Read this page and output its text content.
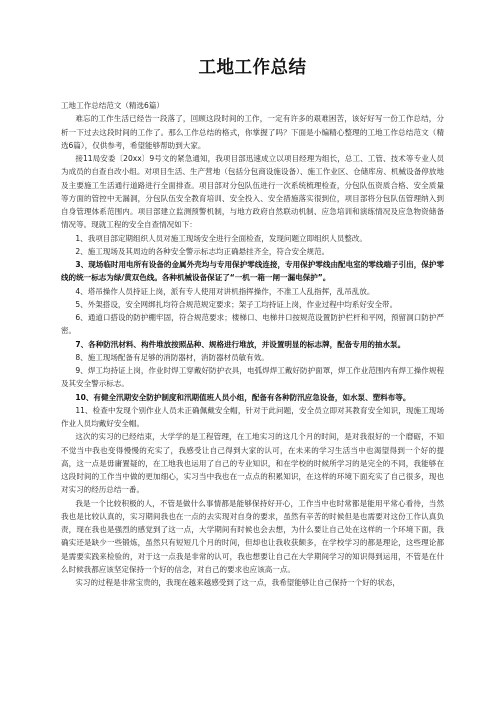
工地工作总结

工地工作总结范文（精选6篇）

难忘的工作生活已经告一段落了，回顾这段时间的工作，一定有许多的艰难困苦，该好好写一份工作总结，分析一下过去这段时间的工作了。那么工作总结的格式，你掌握了吗？下面是小编精心整理的工地工作总结范文（精选6篇），仅供参考，希望能够帮助到大家。

接11局安委〔20xx〕9号文的紧急通知，我项目部迅速成立以项目经理为组长，总工、工管、技术等专业人员为成员的自查自改小组。对项目生活、生产营地（包括分包商设施设备）、施工作业区、仓储库房、机械设备停放地及主要施工生活通行道路进行全面排查。项目部对分包队伍进行一次系统梳理检查，分包队伍资质合格、安全质量等方面的管控中无漏洞，分包队伍安全教育培训、安全投入、安全措施落实很到位，项目部将分包队伍管理纳入到自身管理体系范围内。项目部建立监测预警机制，与地方政府自然联动机制、应急培训和演练情况及应急物资储备情况等。现就工程的安全自查情况如下：

1、我项目部定期组织人员对施工现场安全进行全面检查，发现问题立即组织人员整改。

2、施工现场及其周边的各种安全警示标志均正确悬挂齐全，符合安全规范。

3、现场临时用电所有设备的金属外壳均与专用保护零线连接，专用保护零线由配电室的零线端子引出，保护零线的统一标志为绿/黄双色线。各种机械设备保证了“一机一箱一闸一漏电保护”。

4、塔吊操作人员持证上岗，派有专人使用对讲机指挥操作，不准工人乱指挥，乱吊乱放。

5、外架搭设，安全网绑扎均符合规范规定要求；架子工均持证上岗，作业过程中均系好安全带。

6、通道口搭设的防护棚牢固，符合规范要求；楼梯口、电梯井口按规范设置防护栏杆和平网，预留洞口防护严密。

7、各种防汛材料、构件堆放按照品种、规格进行堆放，并设置明显的标志牌，配备专用的抽水泵。

8、施工现场配备有足够的消防器材，消防器材员敏有效。

9、焊工均持证上岗，作业时焊工穿戴好防护衣具，电弧焊焊工戴好防护面罩，焊工作业范围内有焊工操作规程及其安全警示标志。

10、有健全汛期安全防护制度和汛期值班人员小组，配备有各种防汛应急设备，如水泵、塑料布等。

11、检查中发现个别作业人员未正确佩戴安全帽，针对于此问题，安全员立即对其教育安全知识，现施工现场作业人员均戴好安全帽。

这次的实习的已经结束，大学学的是工程管理，在工地实习的这几个月的时间，是对我很好的一个磨砺，不知不觉当中我也变得慢慢的充实了，我感受让自己得到大家的认可，在未来的学习生活当中也渴望得到一个好的提高，这一点是毋庸置疑的，在工地我也运用了自己的专业知识，和在学校的时候所学习的是完全的不同，我能够在这段时间的工作当中做的更加细心，实习当中我也在一点点的积累知识，在这样的环境下面充实了自己很多，现也对实习的经历总结一番。

我是一个比较积极的人，不管是做什么事情都是能够保持好开心，工作当中也时常都是能用平常心看待，当然我也是比较认真的，实习期间我也在一点的去实现对自身的要求，虽然有辛苦的时候但是也需要对这份工作认真负责，现在我也是强烈的感觉到了这一点，大学期间有时候也会去想，为什么要让自己处在这样的一个环境下面，我确实还是缺少一些锻炼，虽然只有短短几个月的时间，但却也让我收获颇多，在学校学习的都是理论，这些理论都是需要实践来检验的，对于这一点我是非常的认可，我也想要让自己在大学期间学习的知识得到运用，不管是在什么时候我都应该坚定保持一个好的信念，对自己的要求也应该高一点。

实习的过程是非常宝贵的，我现在越来越感受到了这一点，我希望能够让自己保持一个好的状态，
